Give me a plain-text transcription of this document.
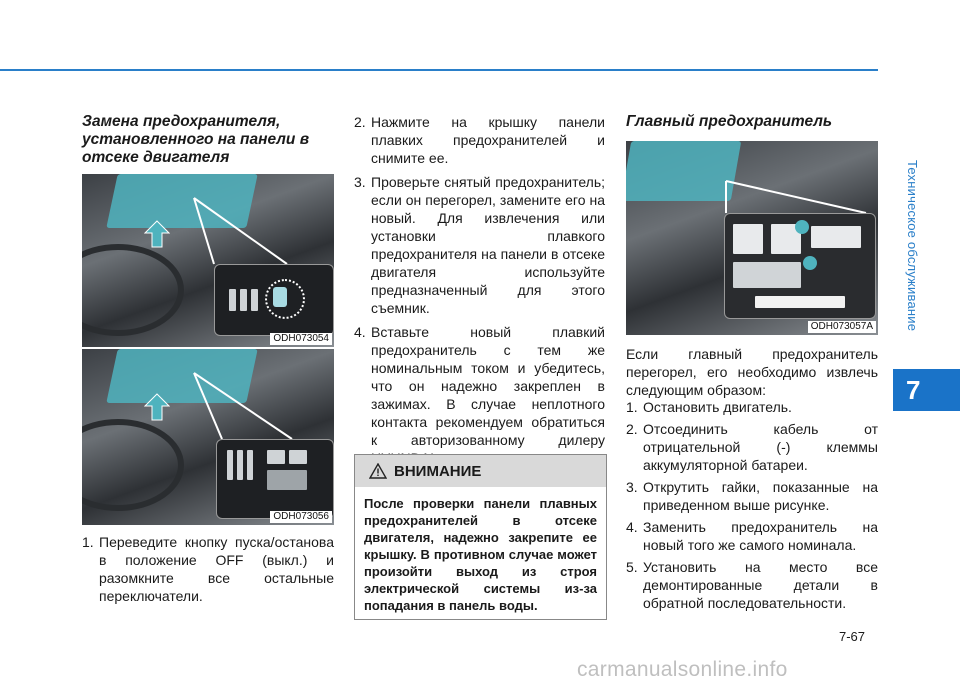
Техническое обслуживание
7
Замена предохранителя, установленного на панели в отсеке двигателя
ODH073054
ODH073056
1. Переведите кнопку пуска/останова в положение OFF (выкл.) и разомкните все остальные переключатели.
2. Нажмите на крышку панели плавких предохранителей и снимите ее.
3. Проверьте снятый предохранитель; если он перегорел, замените его на новый. Для извлечения или установки плавкого предохранителя на панели в отсеке двигателя используйте предназначенный для этого съемник.
4. Вставьте новый плавкий предохранитель с тем же номинальным током и убедитесь, что он надежно закреплен в зажимах. В случае неплотного контакта рекомендуем обратиться к авторизованному дилеру
ВНИМАНИЕ
После проверки панели плавных предохранителей в отсеке двигателя, надежно закрепите ее крышку. В противном случае может произойти выход из строя электрической системы из-за попадания в панель воды.
Главный предохранитель
ODH073057A
Если главный предохранитель перегорел, его необходимо извлечь следующим образом:
1. Остановить двигатель.
2. Отсоединить кабель от отрицательной (-) клеммы аккумуляторной батареи.
3. Открутить гайки, показанные на приведенном выше рисунке.
4. Заменить предохранитель на новый того же самого номинала.
5. Установить на место все демонтированные детали в обратной последовательности.
7-67
carmanualsonline.info
